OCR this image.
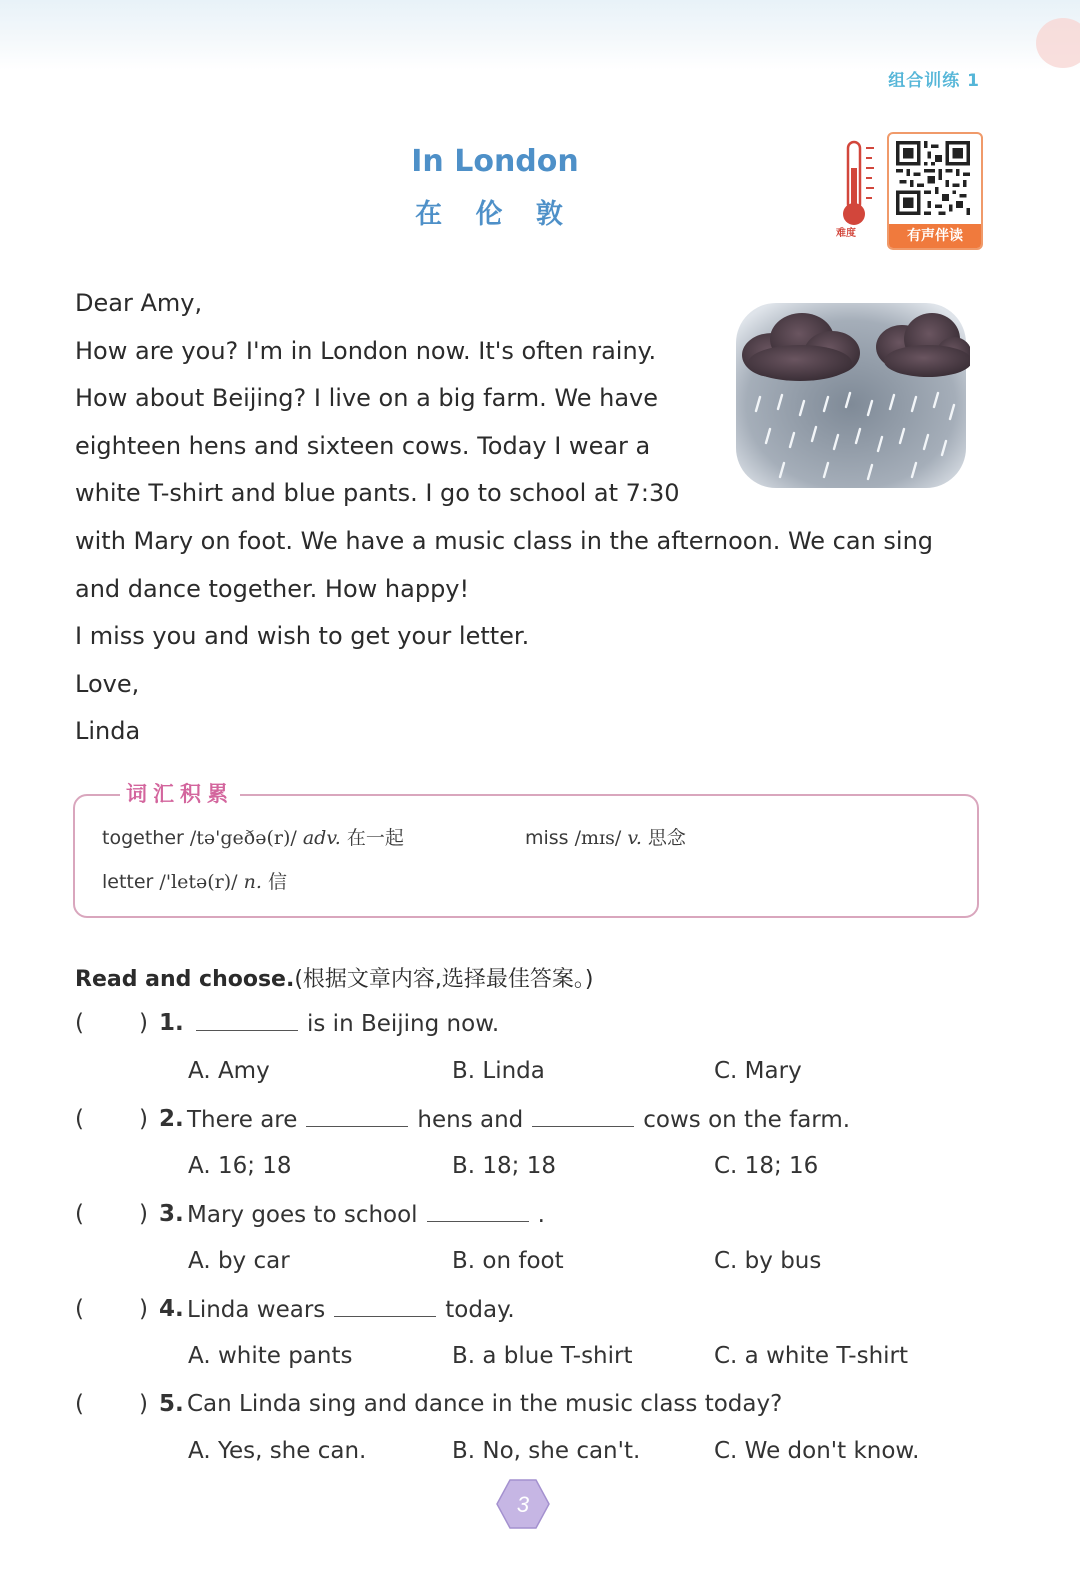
组合训练 1
In London
在 伦 敦
难度	有声伴读
Dear Amy,
How are you? I'm in London now. It's often rainy.
How about Beijing? I live on a big farm. We have
eighteen hens and sixteen cows. Today I wear a
white T-shirt and blue pants. I go to school at 7:30
with Mary on foot. We have a music class in the afternoon. We can sing
and dance together. How happy!
I miss you and wish to get your letter.
Love,
Linda
词汇积累
together /tə'geðə(r)/ adv. 在一起	miss /mɪs/ v. 思念
letter /'letə(r)/ n. 信
Read and choose.(根据文章内容,选择最佳答案。)
( ) 1.	is in Beijing now.
A. Amy	B. Linda	C. Mary
( ) 2. There are	hens and	cows on the farm.
A. 16; 18	B. 18; 18	C. 18; 16
( ) 3. Mary goes to school	.
A. by car	B. on foot	C. by bus
( ) 4. Linda wears	today.
A. white pants	B. a blue T-shirt	C. a white T-shirt
( ) 5. Can Linda sing and dance in the music class today?
A. Yes, she can.	B. No, she can't.	C. We don't know.
3
